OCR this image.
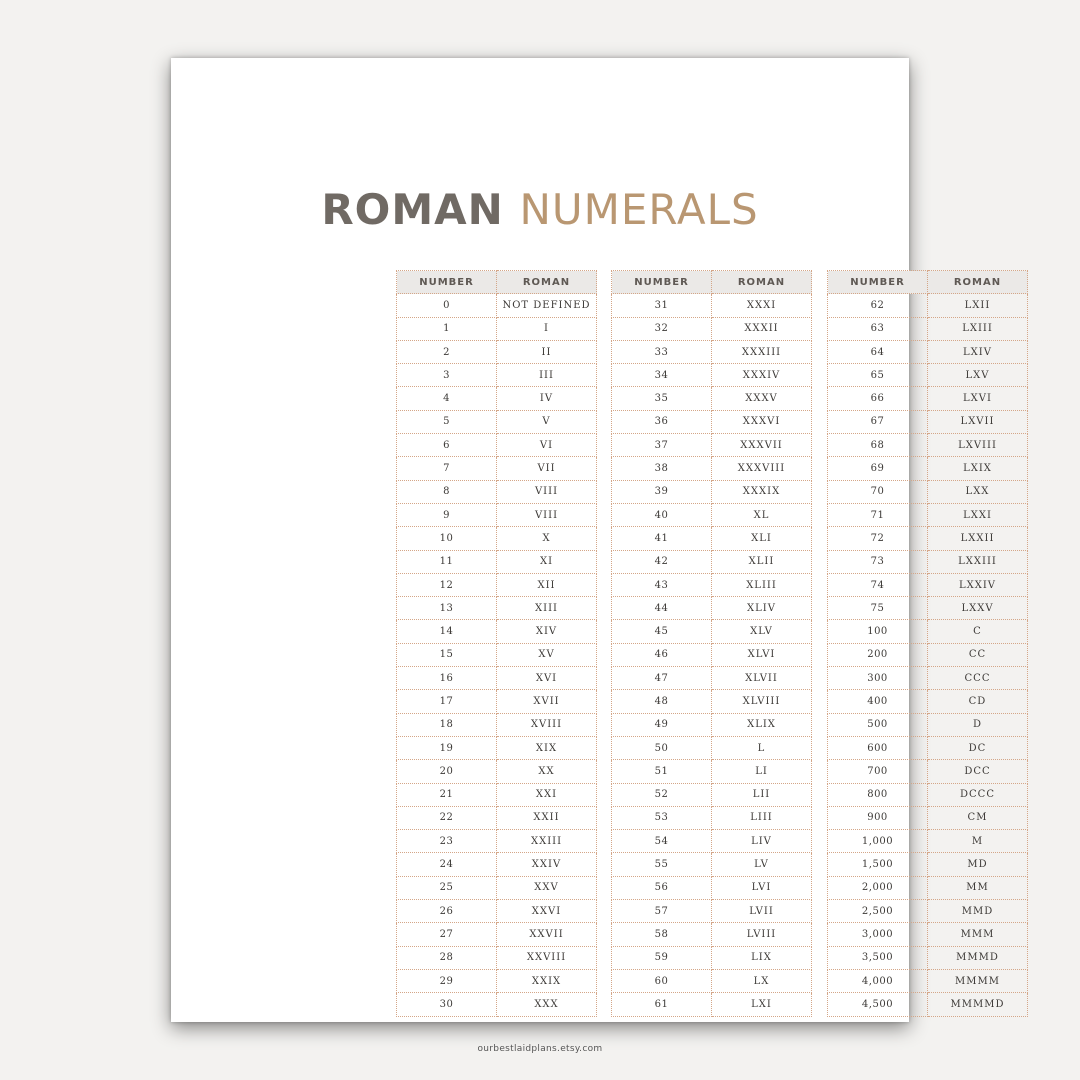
ROMAN NUMERALS
NUMBER	ROMAN
0	NOT DEFINED
1	I
2	II
3	III
4	IV
5	V
6	VI
7	VII
8	VIII
9	VIII
10	X
11	XI
12	XII
13	XIII
14	XIV
15	XV
16	XVI
17	XVII
18	XVIII
19	XIX
20	XX
21	XXI
22	XXII
23	XXIII
24	XXIV
25	XXV
26	XXVI
27	XXVII
28	XXVIII
29	XXIX
30	XXX
NUMBER	ROMAN
31	XXXI
32	XXXII
33	XXXIII
34	XXXIV
35	XXXV
36	XXXVI
37	XXXVII
38	XXXVIII
39	XXXIX
40	XL
41	XLI
42	XLII
43	XLIII
44	XLIV
45	XLV
46	XLVI
47	XLVII
48	XLVIII
49	XLIX
50	L
51	LI
52	LII
53	LIII
54	LIV
55	LV
56	LVI
57	LVII
58	LVIII
59	LIX
60	LX
61	LXI
NUMBER	ROMAN
62	LXII
63	LXIII
64	LXIV
65	LXV
66	LXVI
67	LXVII
68	LXVIII
69	LXIX
70	LXX
71	LXXI
72	LXXII
73	LXXIII
74	LXXIV
75	LXXV
100	C
200	CC
300	CCC
400	CD
500	D
600	DC
700	DCC
800	DCCC
900	CM
1,000	M
1,500	MD
2,000	MM
2,500	MMD
3,000	MMM
3,500	MMMD
4,000	MMMM
4,500	MMMMD
ourbestlaidplans.etsy.com
